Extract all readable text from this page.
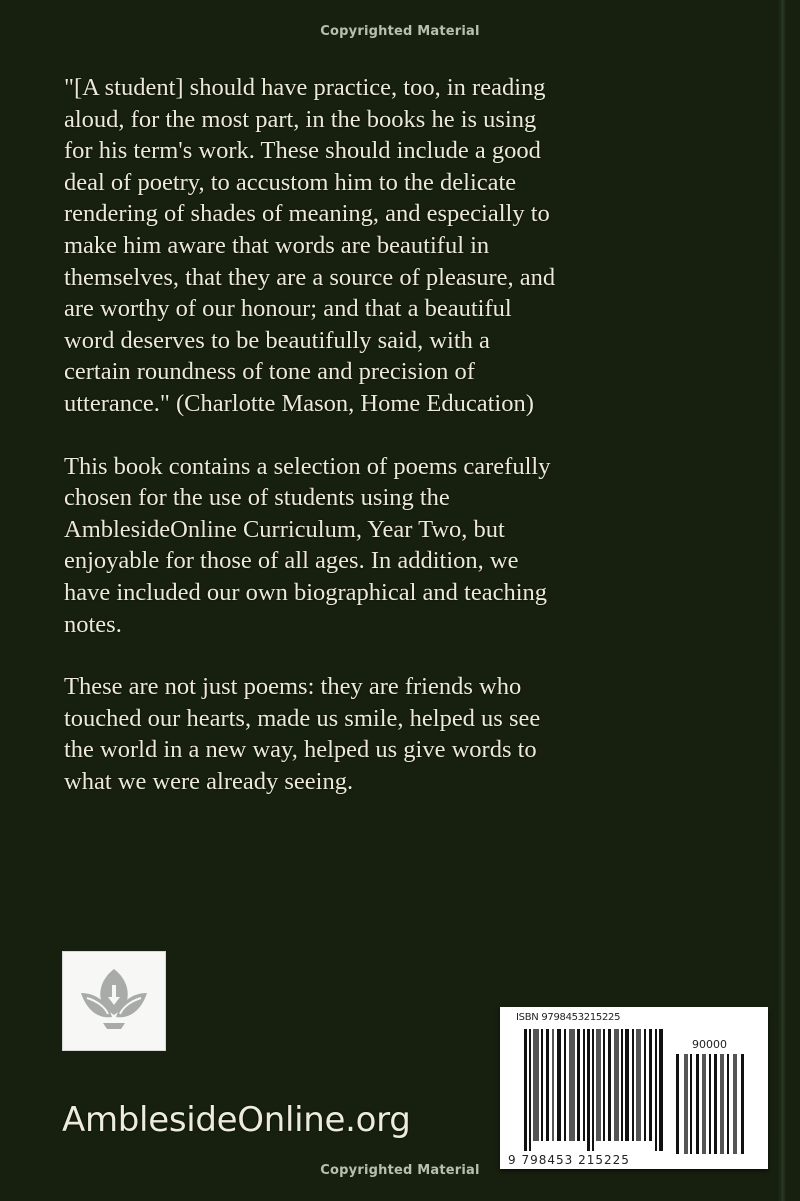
Copyrighted Material

"[A student] should have practice, too, in reading
aloud, for the most part, in the books he is using
for his term's work. These should include a good
deal of poetry, to accustom him to the delicate
rendering of shades of meaning, and especially to
make him aware that words are beautiful in
themselves, that they are a source of pleasure, and
are worthy of our honour; and that a beautiful
word deserves to be beautifully said, with a
certain roundness of tone and precision of
utterance." (Charlotte Mason, Home Education)

This book contains a selection of poems carefully
chosen for the use of students using the
AmblesideOnline Curriculum, Year Two, but
enjoyable for those of all ages. In addition, we
have included our own biographical and teaching
notes.

These are not just poems: they are friends who
touched our hearts, made us smile, helped us see
the world in a new way, helped us give words to
what we were already seeing.

ISBN 9798453215225
90000
9 798453 215225
AmblesideOnline.org
Copyrighted Material
